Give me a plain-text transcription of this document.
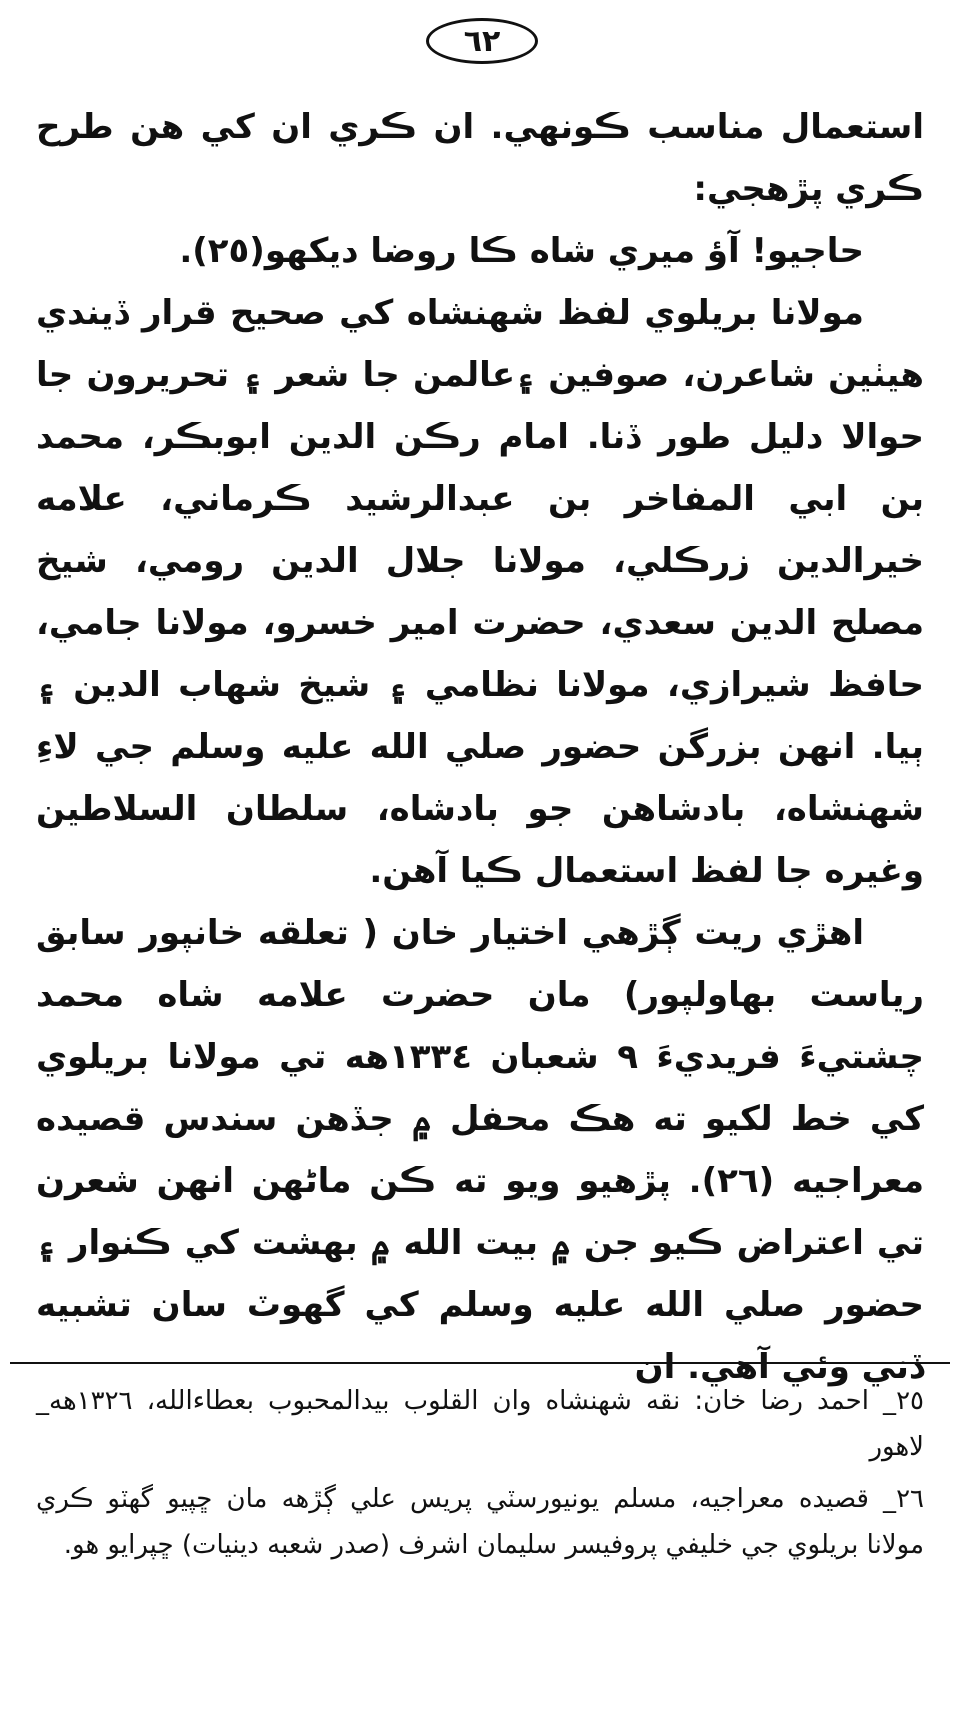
٦٢

استعمال مناسب ڪونهي. ان ڪري ان کي هن طرح ڪري پڙهجي:

حاجيو! آؤ ميري شاه ڪا روضا ديکهو(٢٥).

مولانا بريلوي لفظ شهنشاه کي صحيح قرار ڏيندي هيٺين شاعرن، صوفين ۽عالمن جا شعر ۽ تحريرون جا حوالا دليل طور ڏنا. امام رڪن الدين ابوبڪر، محمد بن ابي المفاخر بن عبدالرشيد ڪرماني، علامه خيرالدين زرڪلي، مولانا جلال الدين رومي، شيخ مصلح الدين سعدي، حضرت امير خسرو، مولانا جامي، حافظ شيرازي، مولانا نظامي ۽ شيخ شهاب الدين ۽ ٻيا. انهن بزرگن حضور صلي الله عليه وسلم جي لاءِ شهنشاه، بادشاهن جو بادشاه، سلطان السلاطين وغيره جا لفظ استعمال ڪيا آهن.

اهڙي ريت ڳڙهي اختيار خان ( تعلقه خانپور سابق رياست بهاولپور) مان حضرت علامه شاه محمد چشتيءَ فريديءَ ٩ شعبان ١٣٣٤هه تي مولانا بريلوي کي خط لکيو ته هڪ محفل ۾ جڏهن سندس قصيده معراجيه (٢٦). پڙهيو ويو ته ڪن ماڻهن انهن شعرن تي اعتراض ڪيو جن ۾ بيت الله ۾ بهشت کي ڪنوار ۽ حضور صلي الله عليه وسلم کي گهوٽ سان تشبيه ڏني وئي آهي. ان

٢٥_ احمد رضا خان: نقه شهنشاه وان القلوب بيدالمحبوب بعطاءالله، ١٣٢٦هه_ لاهور

٢٦_ قصيده معراجيه، مسلم يونيورسٽي پريس علي ڳڙهه مان ڇپيو گهٽو ڪري مولانا بريلوي جي خليفي پروفيسر سليمان اشرف (صدر شعبه دينيات) ڇپرايو هو.
